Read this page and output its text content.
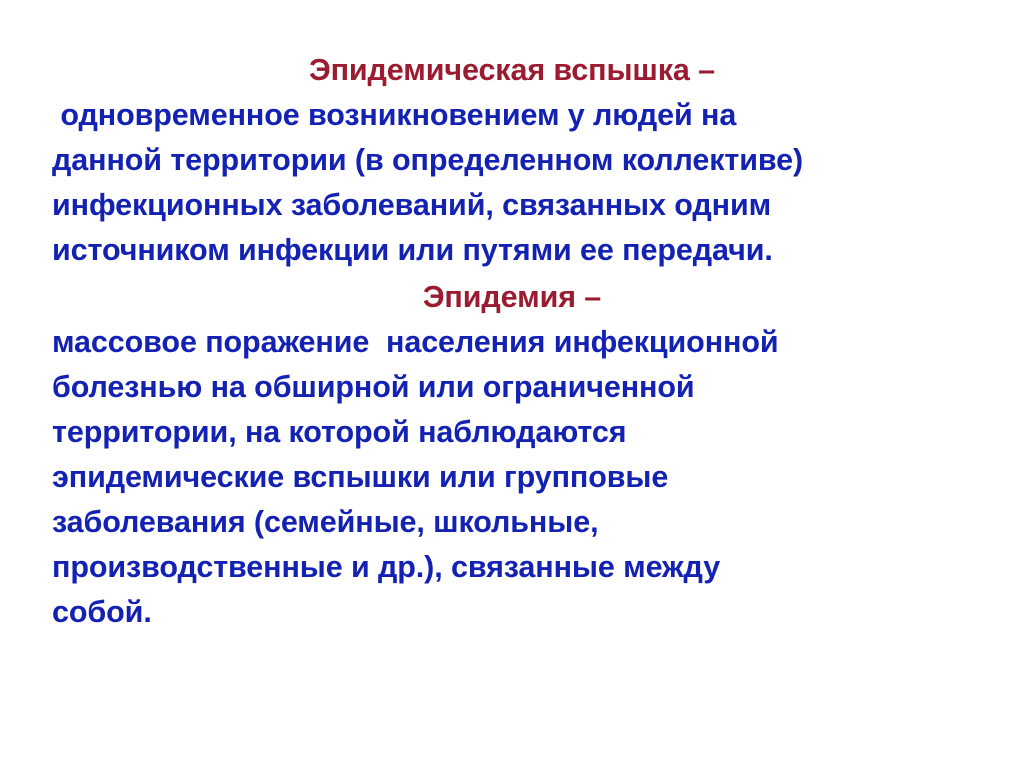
Эпидемическая вспышка –
одновременное возникновением у людей на
данной территории (в определенном коллективе)
инфекционных заболеваний, связанных одним
источником инфекции или путями ее передачи.
Эпидемия –
массовое поражение  населения инфекционной
болезнью на обширной или ограниченной
территории, на которой наблюдаются
эпидемические вспышки или групповые
заболевания (семейные, школьные,
производственные и др.), связанные между
собой.
